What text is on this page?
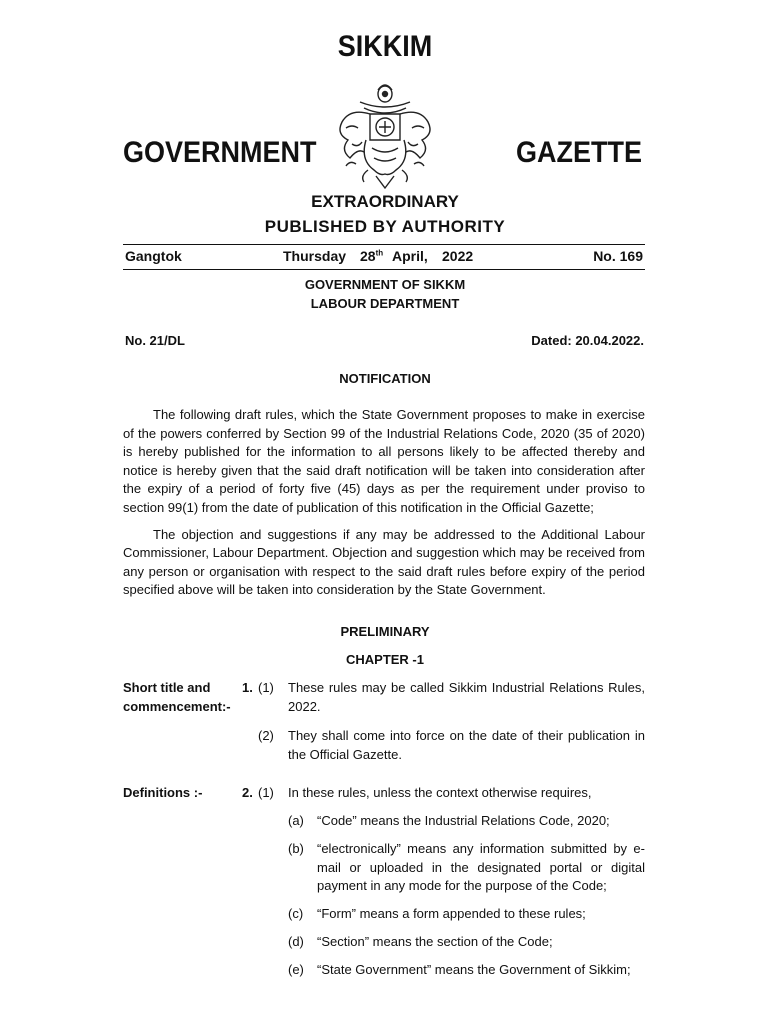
SIKKIM
GOVERNMENT	GAZETTE
EXTRAORDINARY
PUBLISHED BY AUTHORITY
Gangtok	Thursday 28th April, 2022	No. 169
GOVERNMENT OF SIKKM
LABOUR DEPARTMENT
No. 21/DL	Dated: 20.04.2022.
NOTIFICATION

The following draft rules, which the State Government proposes to make in exercise of the powers conferred by Section 99 of the Industrial Relations Code, 2020 (35 of 2020) is hereby published for the information to all persons likely to be affected thereby and notice is hereby given that the said draft notification will be taken into consideration after the expiry of a period of forty five (45) days as per the requirement under proviso to section 99(1) from the date of publication of this notification in the Official Gazette;

The objection and suggestions if any may be addressed to the Additional Labour Commissioner, Labour Department. Objection and suggestion which may be received from any person or organisation with respect to the said draft rules before expiry of the period specified above will be taken into consideration by the State Government.

PRELIMINARY
CHAPTER -1
Short title and commencement:-
1. (1) These rules may be called Sikkim Industrial Relations Rules, 2022.
(2) They shall come into force on the date of their publication in the Official Gazette.
Definitions :-	2. (1) In these rules, unless the context otherwise requires,
(a) “Code” means the Industrial Relations Code, 2020;
(b) “electronically” means any information submitted by e-mail or uploaded in the designated portal or digital payment in any mode for the purpose of the Code;
(c) “Form” means a form appended to these rules;
(d) “Section” means the section of the Code;
(e) “State Government” means the Government of Sikkim;
